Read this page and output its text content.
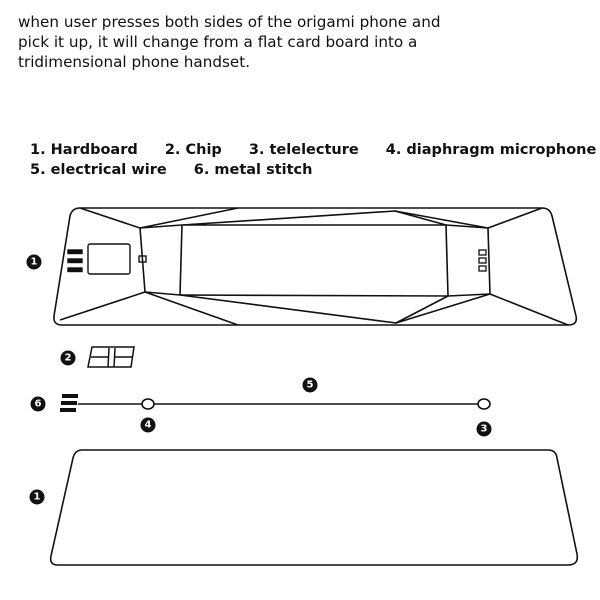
when user presses both sides of the origami phone and pick it up, it will change from a flat card board into a tridimensional phone handset.

1. Hardboard 2. Chip 3. telelecture 4. diaphragm microphone
5. electrical wire 6. metal stitch
1
2
5
6
4	3
1
